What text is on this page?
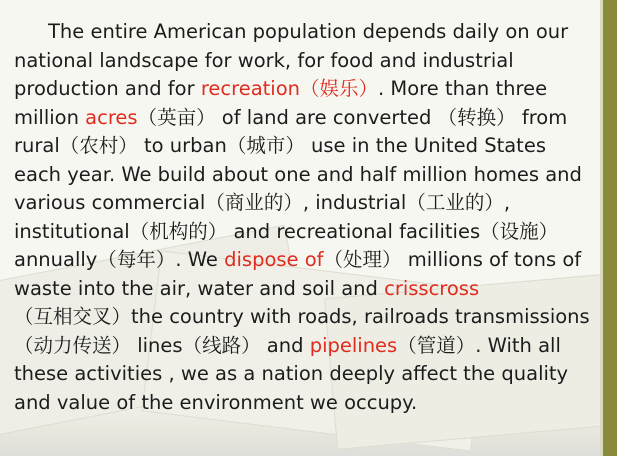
The entire American population depends daily on our national landscape for work, for food and industrial production and for recreation（娱乐）. More than three million acres（英亩） of land are converted （转换） from rural（农村） to urban（城市） use in the United States each year. We build about one and half million homes and various commercial（商业的）, industrial（工业的）, institutional（机构的） and recreational facilities（设施） annually（每年）. We dispose of（处理） millions of tons of waste into the air, water and soil and crisscross（互相交叉）the country with roads, railroads transmissions（动力传送） lines（线路） and pipelines（管道）. With all these activities , we as a nation deeply affect the quality and value of the environment we occupy.
